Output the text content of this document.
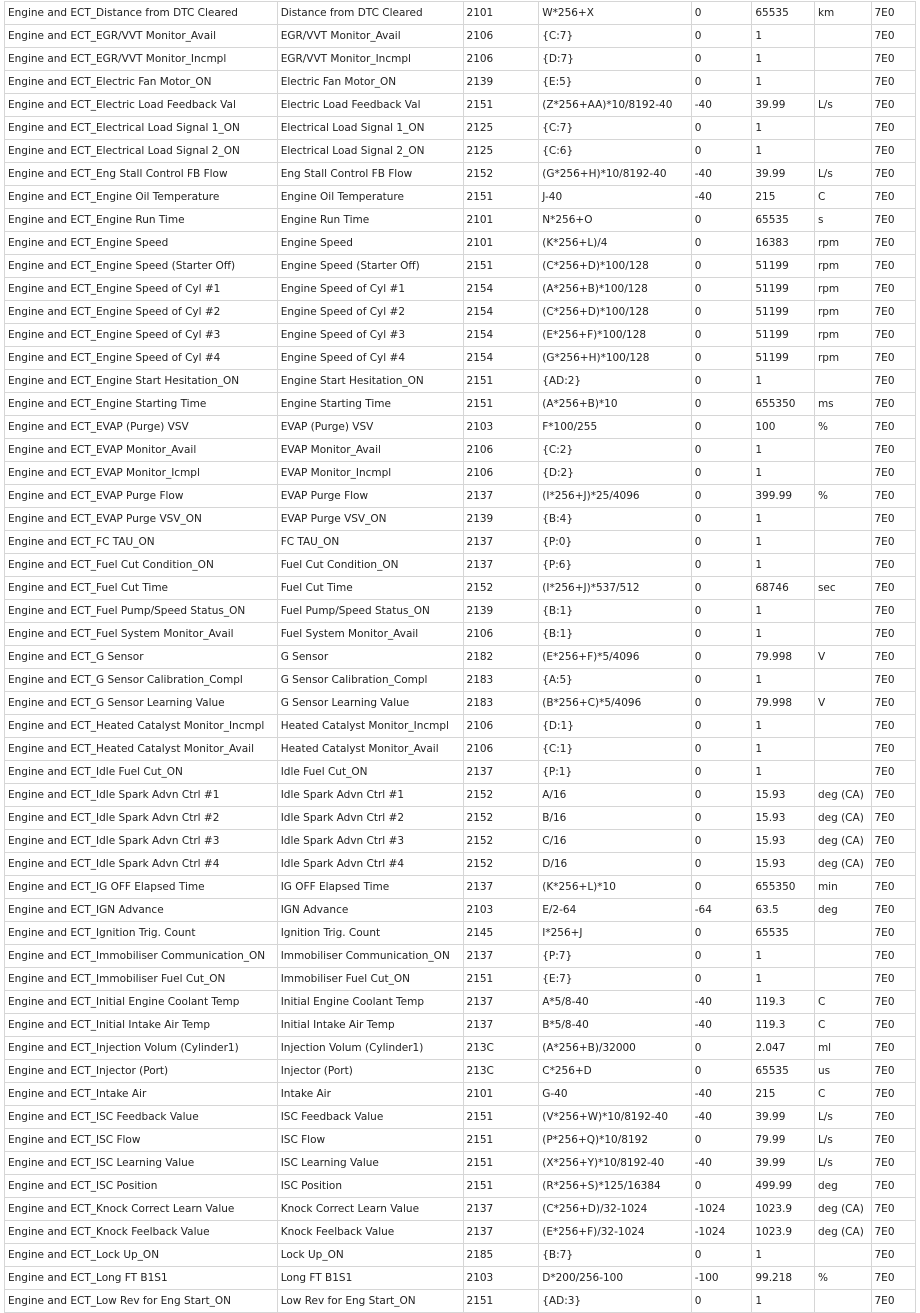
Engine and ECT_Distance from DTC Cleared	Distance from DTC Cleared	2101	W*256+X	0	65535	km	7E0
Engine and ECT_EGR/VVT Monitor_Avail	EGR/VVT Monitor_Avail	2106	{C:7}	0	1		7E0
Engine and ECT_EGR/VVT Monitor_Incmpl	EGR/VVT Monitor_Incmpl	2106	{D:7}	0	1		7E0
Engine and ECT_Electric Fan Motor_ON	Electric Fan Motor_ON	2139	{E:5}	0	1		7E0
Engine and ECT_Electric Load Feedback Val	Electric Load Feedback Val	2151	(Z*256+AA)*10/8192-40	-40	39.99	L/s	7E0
Engine and ECT_Electrical Load Signal 1_ON	Electrical Load Signal 1_ON	2125	{C:7}	0	1		7E0
Engine and ECT_Electrical Load Signal 2_ON	Electrical Load Signal 2_ON	2125	{C:6}	0	1		7E0
Engine and ECT_Eng Stall Control FB Flow	Eng Stall Control FB Flow	2152	(G*256+H)*10/8192-40	-40	39.99	L/s	7E0
Engine and ECT_Engine Oil Temperature	Engine Oil Temperature	2151	J-40	-40	215	C	7E0
Engine and ECT_Engine Run Time	Engine Run Time	2101	N*256+O	0	65535	s	7E0
Engine and ECT_Engine Speed	Engine Speed	2101	(K*256+L)/4	0	16383	rpm	7E0
Engine and ECT_Engine Speed (Starter Off)	Engine Speed (Starter Off)	2151	(C*256+D)*100/128	0	51199	rpm	7E0
Engine and ECT_Engine Speed of Cyl #1	Engine Speed of Cyl #1	2154	(A*256+B)*100/128	0	51199	rpm	7E0
Engine and ECT_Engine Speed of Cyl #2	Engine Speed of Cyl #2	2154	(C*256+D)*100/128	0	51199	rpm	7E0
Engine and ECT_Engine Speed of Cyl #3	Engine Speed of Cyl #3	2154	(E*256+F)*100/128	0	51199	rpm	7E0
Engine and ECT_Engine Speed of Cyl #4	Engine Speed of Cyl #4	2154	(G*256+H)*100/128	0	51199	rpm	7E0
Engine and ECT_Engine Start Hesitation_ON	Engine Start Hesitation_ON	2151	{AD:2}	0	1		7E0
Engine and ECT_Engine Starting Time	Engine Starting Time	2151	(A*256+B)*10	0	655350	ms	7E0
Engine and ECT_EVAP (Purge) VSV	EVAP (Purge) VSV	2103	F*100/255	0	100	%	7E0
Engine and ECT_EVAP Monitor_Avail	EVAP Monitor_Avail	2106	{C:2}	0	1		7E0
Engine and ECT_EVAP Monitor_Icmpl	EVAP Monitor_Incmpl	2106	{D:2}	0	1		7E0
Engine and ECT_EVAP Purge Flow	EVAP Purge Flow	2137	(I*256+J)*25/4096	0	399.99	%	7E0
Engine and ECT_EVAP Purge VSV_ON	EVAP Purge VSV_ON	2139	{B:4}	0	1		7E0
Engine and ECT_FC TAU_ON	FC TAU_ON	2137	{P:0}	0	1		7E0
Engine and ECT_Fuel Cut Condition_ON	Fuel Cut Condition_ON	2137	{P:6}	0	1		7E0
Engine and ECT_Fuel Cut Time	Fuel Cut Time	2152	(I*256+J)*537/512	0	68746	sec	7E0
Engine and ECT_Fuel Pump/Speed Status_ON	Fuel Pump/Speed Status_ON	2139	{B:1}	0	1		7E0
Engine and ECT_Fuel System Monitor_Avail	Fuel System Monitor_Avail	2106	{B:1}	0	1		7E0
Engine and ECT_G Sensor	G Sensor	2182	(E*256+F)*5/4096	0	79.998	V	7E0
Engine and ECT_G Sensor Calibration_Compl	G Sensor Calibration_Compl	2183	{A:5}	0	1		7E0
Engine and ECT_G Sensor Learning Value	G Sensor Learning Value	2183	(B*256+C)*5/4096	0	79.998	V	7E0
Engine and ECT_Heated Catalyst Monitor_Incmpl	Heated Catalyst Monitor_Incmpl	2106	{D:1}	0	1		7E0
Engine and ECT_Heated Catalyst Monitor_Avail	Heated Catalyst Monitor_Avail	2106	{C:1}	0	1		7E0
Engine and ECT_Idle Fuel Cut_ON	Idle Fuel Cut_ON	2137	{P:1}	0	1		7E0
Engine and ECT_Idle Spark Advn Ctrl #1	Idle Spark Advn Ctrl #1	2152	A/16	0	15.93	deg (CA)	7E0
Engine and ECT_Idle Spark Advn Ctrl #2	Idle Spark Advn Ctrl #2	2152	B/16	0	15.93	deg (CA)	7E0
Engine and ECT_Idle Spark Advn Ctrl #3	Idle Spark Advn Ctrl #3	2152	C/16	0	15.93	deg (CA)	7E0
Engine and ECT_Idle Spark Advn Ctrl #4	Idle Spark Advn Ctrl #4	2152	D/16	0	15.93	deg (CA)	7E0
Engine and ECT_IG OFF Elapsed Time	IG OFF Elapsed Time	2137	(K*256+L)*10	0	655350	min	7E0
Engine and ECT_IGN Advance	IGN Advance	2103	E/2-64	-64	63.5	deg	7E0
Engine and ECT_Ignition Trig. Count	Ignition Trig. Count	2145	I*256+J	0	65535		7E0
Engine and ECT_Immobiliser Communication_ON	Immobiliser Communication_ON	2137	{P:7}	0	1		7E0
Engine and ECT_Immobiliser Fuel Cut_ON	Immobiliser Fuel Cut_ON	2151	{E:7}	0	1		7E0
Engine and ECT_Initial Engine Coolant Temp	Initial Engine Coolant Temp	2137	A*5/8-40	-40	119.3	C	7E0
Engine and ECT_Initial Intake Air Temp	Initial Intake Air Temp	2137	B*5/8-40	-40	119.3	C	7E0
Engine and ECT_Injection Volum (Cylinder1)	Injection Volum (Cylinder1)	213C	(A*256+B)/32000	0	2.047	ml	7E0
Engine and ECT_Injector (Port)	Injector (Port)	213C	C*256+D	0	65535	us	7E0
Engine and ECT_Intake Air	Intake Air	2101	G-40	-40	215	C	7E0
Engine and ECT_ISC Feedback Value	ISC Feedback Value	2151	(V*256+W)*10/8192-40	-40	39.99	L/s	7E0
Engine and ECT_ISC Flow	ISC Flow	2151	(P*256+Q)*10/8192	0	79.99	L/s	7E0
Engine and ECT_ISC Learning Value	ISC Learning Value	2151	(X*256+Y)*10/8192-40	-40	39.99	L/s	7E0
Engine and ECT_ISC Position	ISC Position	2151	(R*256+S)*125/16384	0	499.99	deg	7E0
Engine and ECT_Knock Correct Learn Value	Knock Correct Learn Value	2137	(C*256+D)/32-1024	-1024	1023.9	deg (CA)	7E0
Engine and ECT_Knock Feelback Value	Knock Feelback Value	2137	(E*256+F)/32-1024	-1024	1023.9	deg (CA)	7E0
Engine and ECT_Lock Up_ON	Lock Up_ON	2185	{B:7}	0	1		7E0
Engine and ECT_Long FT B1S1	Long FT B1S1	2103	D*200/256-100	-100	99.218	%	7E0
Engine and ECT_Low Rev for Eng Start_ON	Low Rev for Eng Start_ON	2151	{AD:3}	0	1		7E0
